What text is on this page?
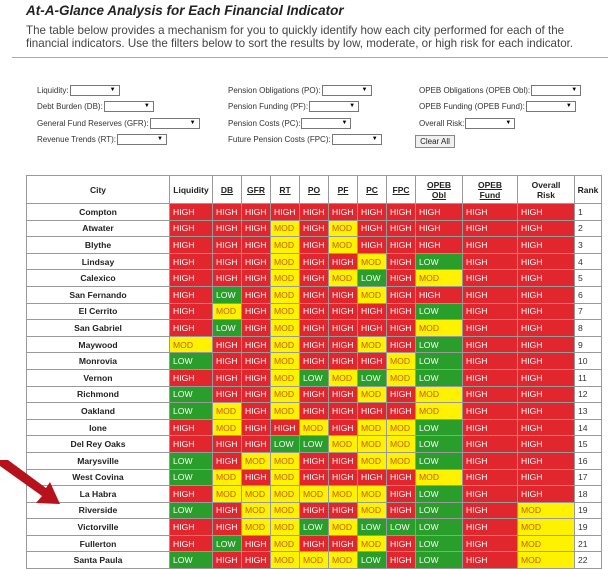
At-A-Glance Analysis for Each Financial Indicator
The table below provides a mechanism for you to quickly identify how each city performed for each of the financial indicators. Use the filters below to sort the results by low, moderate, or high risk for each indicator.
Liquidity:	▼
Debt Burden (DB):	▼
General Fund Reserves (GFR):	▼
Revenue Trends (RT):	▼
Pension Obligations (PO):	▼
Pension Funding (PF):	▼
Pension Costs (PC):	▼
Future Pension Costs (FPC):	▼
OPEB Obligations (OPEB Obl):	▼
OPEB Funding (OPEB Fund):	▼
Overall Risk:	▼
Clear All
City	Liquidity	DB	GFR	RT	PO	PF	PC	FPC	OPEB Obl	OPEB Fund	Overall Risk	Rank
Compton	HIGH	HIGH	HIGH	HIGH	HIGH	HIGH	HIGH	HIGH	HIGH	HIGH	HIGH	1
Atwater	HIGH	HIGH	HIGH	MOD	HIGH	MOD	HIGH	HIGH	HIGH	HIGH	HIGH	2
Blythe	HIGH	HIGH	HIGH	MOD	HIGH	MOD	HIGH	HIGH	HIGH	HIGH	HIGH	3
Lindsay	HIGH	HIGH	HIGH	MOD	HIGH	HIGH	MOD	HIGH	LOW	HIGH	HIGH	4
Calexico	HIGH	HIGH	HIGH	MOD	HIGH	MOD	LOW	HIGH	MOD	HIGH	HIGH	5
San Fernando	HIGH	LOW	HIGH	MOD	HIGH	HIGH	MOD	HIGH	HIGH	HIGH	HIGH	6
El Cerrito	HIGH	MOD	HIGH	MOD	HIGH	HIGH	HIGH	HIGH	LOW	HIGH	HIGH	7
San Gabriel	HIGH	LOW	HIGH	MOD	HIGH	HIGH	HIGH	HIGH	MOD	HIGH	HIGH	8
Maywood	MOD	HIGH	HIGH	MOD	HIGH	HIGH	MOD	HIGH	LOW	HIGH	HIGH	9
Monrovia	LOW	HIGH	HIGH	MOD	HIGH	HIGH	HIGH	MOD	LOW	HIGH	HIGH	10
Vernon	HIGH	HIGH	HIGH	MOD	LOW	MOD	LOW	MOD	LOW	HIGH	HIGH	11
Richmond	LOW	HIGH	HIGH	MOD	HIGH	HIGH	MOD	HIGH	MOD	HIGH	HIGH	12
Oakland	LOW	MOD	HIGH	MOD	HIGH	HIGH	HIGH	HIGH	MOD	HIGH	HIGH	13
Ione	HIGH	MOD	HIGH	HIGH	MOD	HIGH	MOD	MOD	LOW	HIGH	HIGH	14
Del Rey Oaks	HIGH	HIGH	HIGH	LOW	LOW	MOD	MOD	MOD	LOW	HIGH	HIGH	15
Marysville	LOW	HIGH	MOD	MOD	HIGH	HIGH	MOD	MOD	LOW	HIGH	HIGH	16
West Covina	LOW	MOD	HIGH	MOD	HIGH	HIGH	HIGH	HIGH	MOD	HIGH	HIGH	17
La Habra	HIGH	MOD	MOD	MOD	MOD	MOD	MOD	HIGH	LOW	HIGH	HIGH	18
Riverside	LOW	HIGH	MOD	MOD	HIGH	HIGH	MOD	HIGH	LOW	HIGH	MOD	19
Victorville	HIGH	HIGH	MOD	MOD	LOW	MOD	LOW	LOW	LOW	HIGH	MOD	19
Fullerton	HIGH	LOW	HIGH	MOD	HIGH	HIGH	MOD	HIGH	LOW	HIGH	MOD	21
Santa Paula	LOW	HIGH	HIGH	MOD	MOD	MOD	LOW	HIGH	LOW	HIGH	MOD	22
